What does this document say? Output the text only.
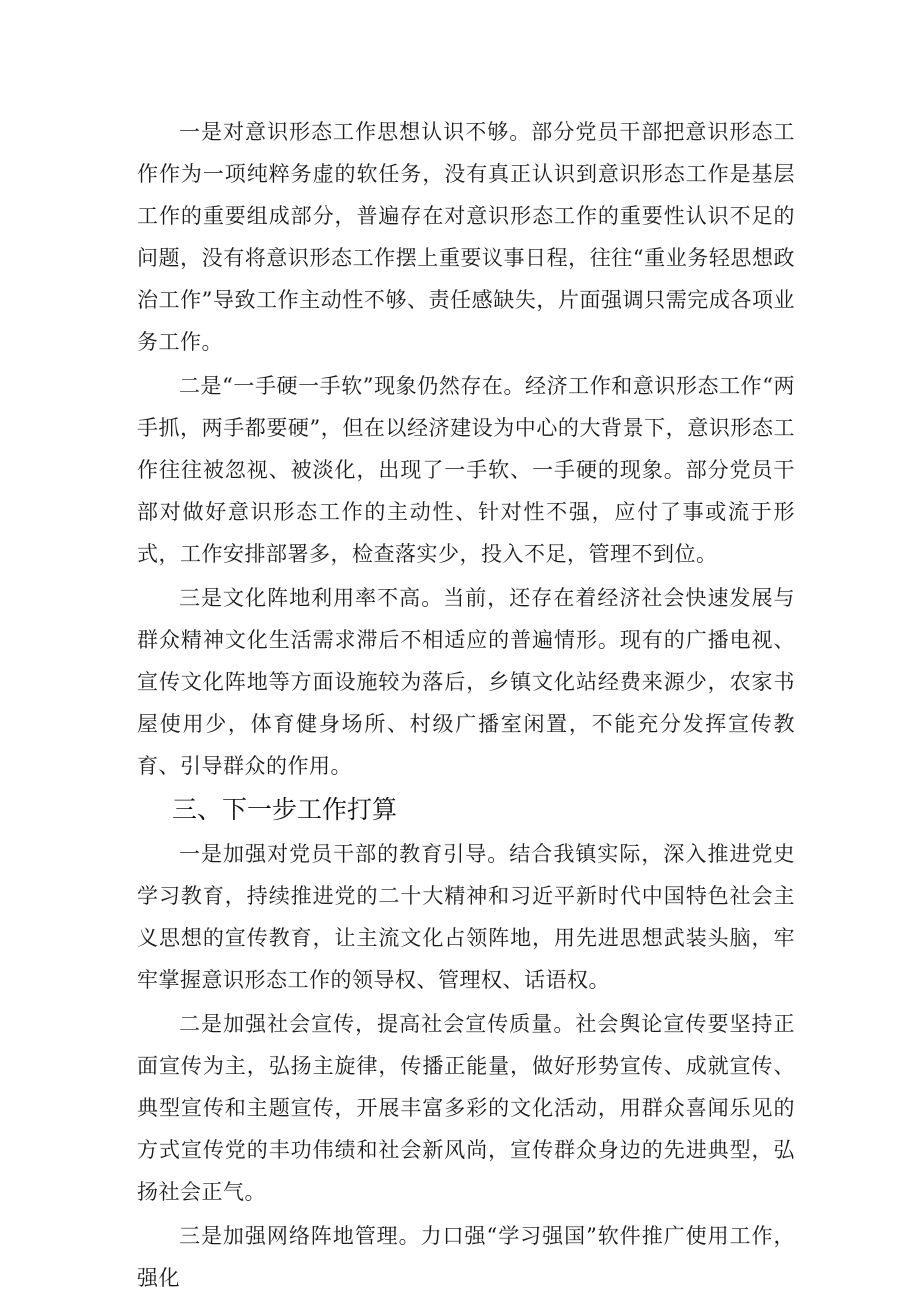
一是对意识形态工作思想认识不够。部分党员干部把意识形态工作作为一项纯粹务虚的软任务，没有真正认识到意识形态工作是基层工作的重要组成部分，普遍存在对意识形态工作的重要性认识不足的问题，没有将意识形态工作摆上重要议事日程，往往“重业务轻思想政治工作”导致工作主动性不够、责任感缺失，片面强调只需完成各项业务工作。

二是“一手硬一手软”现象仍然存在。经济工作和意识形态工作“两手抓，两手都要硬”，但在以经济建设为中心的大背景下，意识形态工作往往被忽视、被淡化，出现了一手软、一手硬的现象。部分党员干部对做好意识形态工作的主动性、针对性不强，应付了事或流于形式，工作安排部署多，检查落实少，投入不足，管理不到位。

三是文化阵地利用率不高。当前，还存在着经济社会快速发展与群众精神文化生活需求滞后不相适应的普遍情形。现有的广播电视、宣传文化阵地等方面设施较为落后，乡镇文化站经费来源少，农家书屋使用少，体育健身场所、村级广播室闲置，不能充分发挥宣传教育、引导群众的作用。

三、下一步工作打算

一是加强对党员干部的教育引导。结合我镇实际，深入推进党史学习教育，持续推进党的二十大精神和习近平新时代中国特色社会主义思想的宣传教育，让主流文化占领阵地，用先进思想武装头脑，牢牢掌握意识形态工作的领导权、管理权、话语权。

二是加强社会宣传，提高社会宣传质量。社会舆论宣传要坚持正面宣传为主，弘扬主旋律，传播正能量，做好形势宣传、成就宣传、典型宣传和主题宣传，开展丰富多彩的文化活动，用群众喜闻乐见的方式宣传党的丰功伟绩和社会新风尚，宣传群众身边的先进典型，弘扬社会正气。

三是加强网络阵地管理。力口强“学习强国”软件推广使用工作，强化
